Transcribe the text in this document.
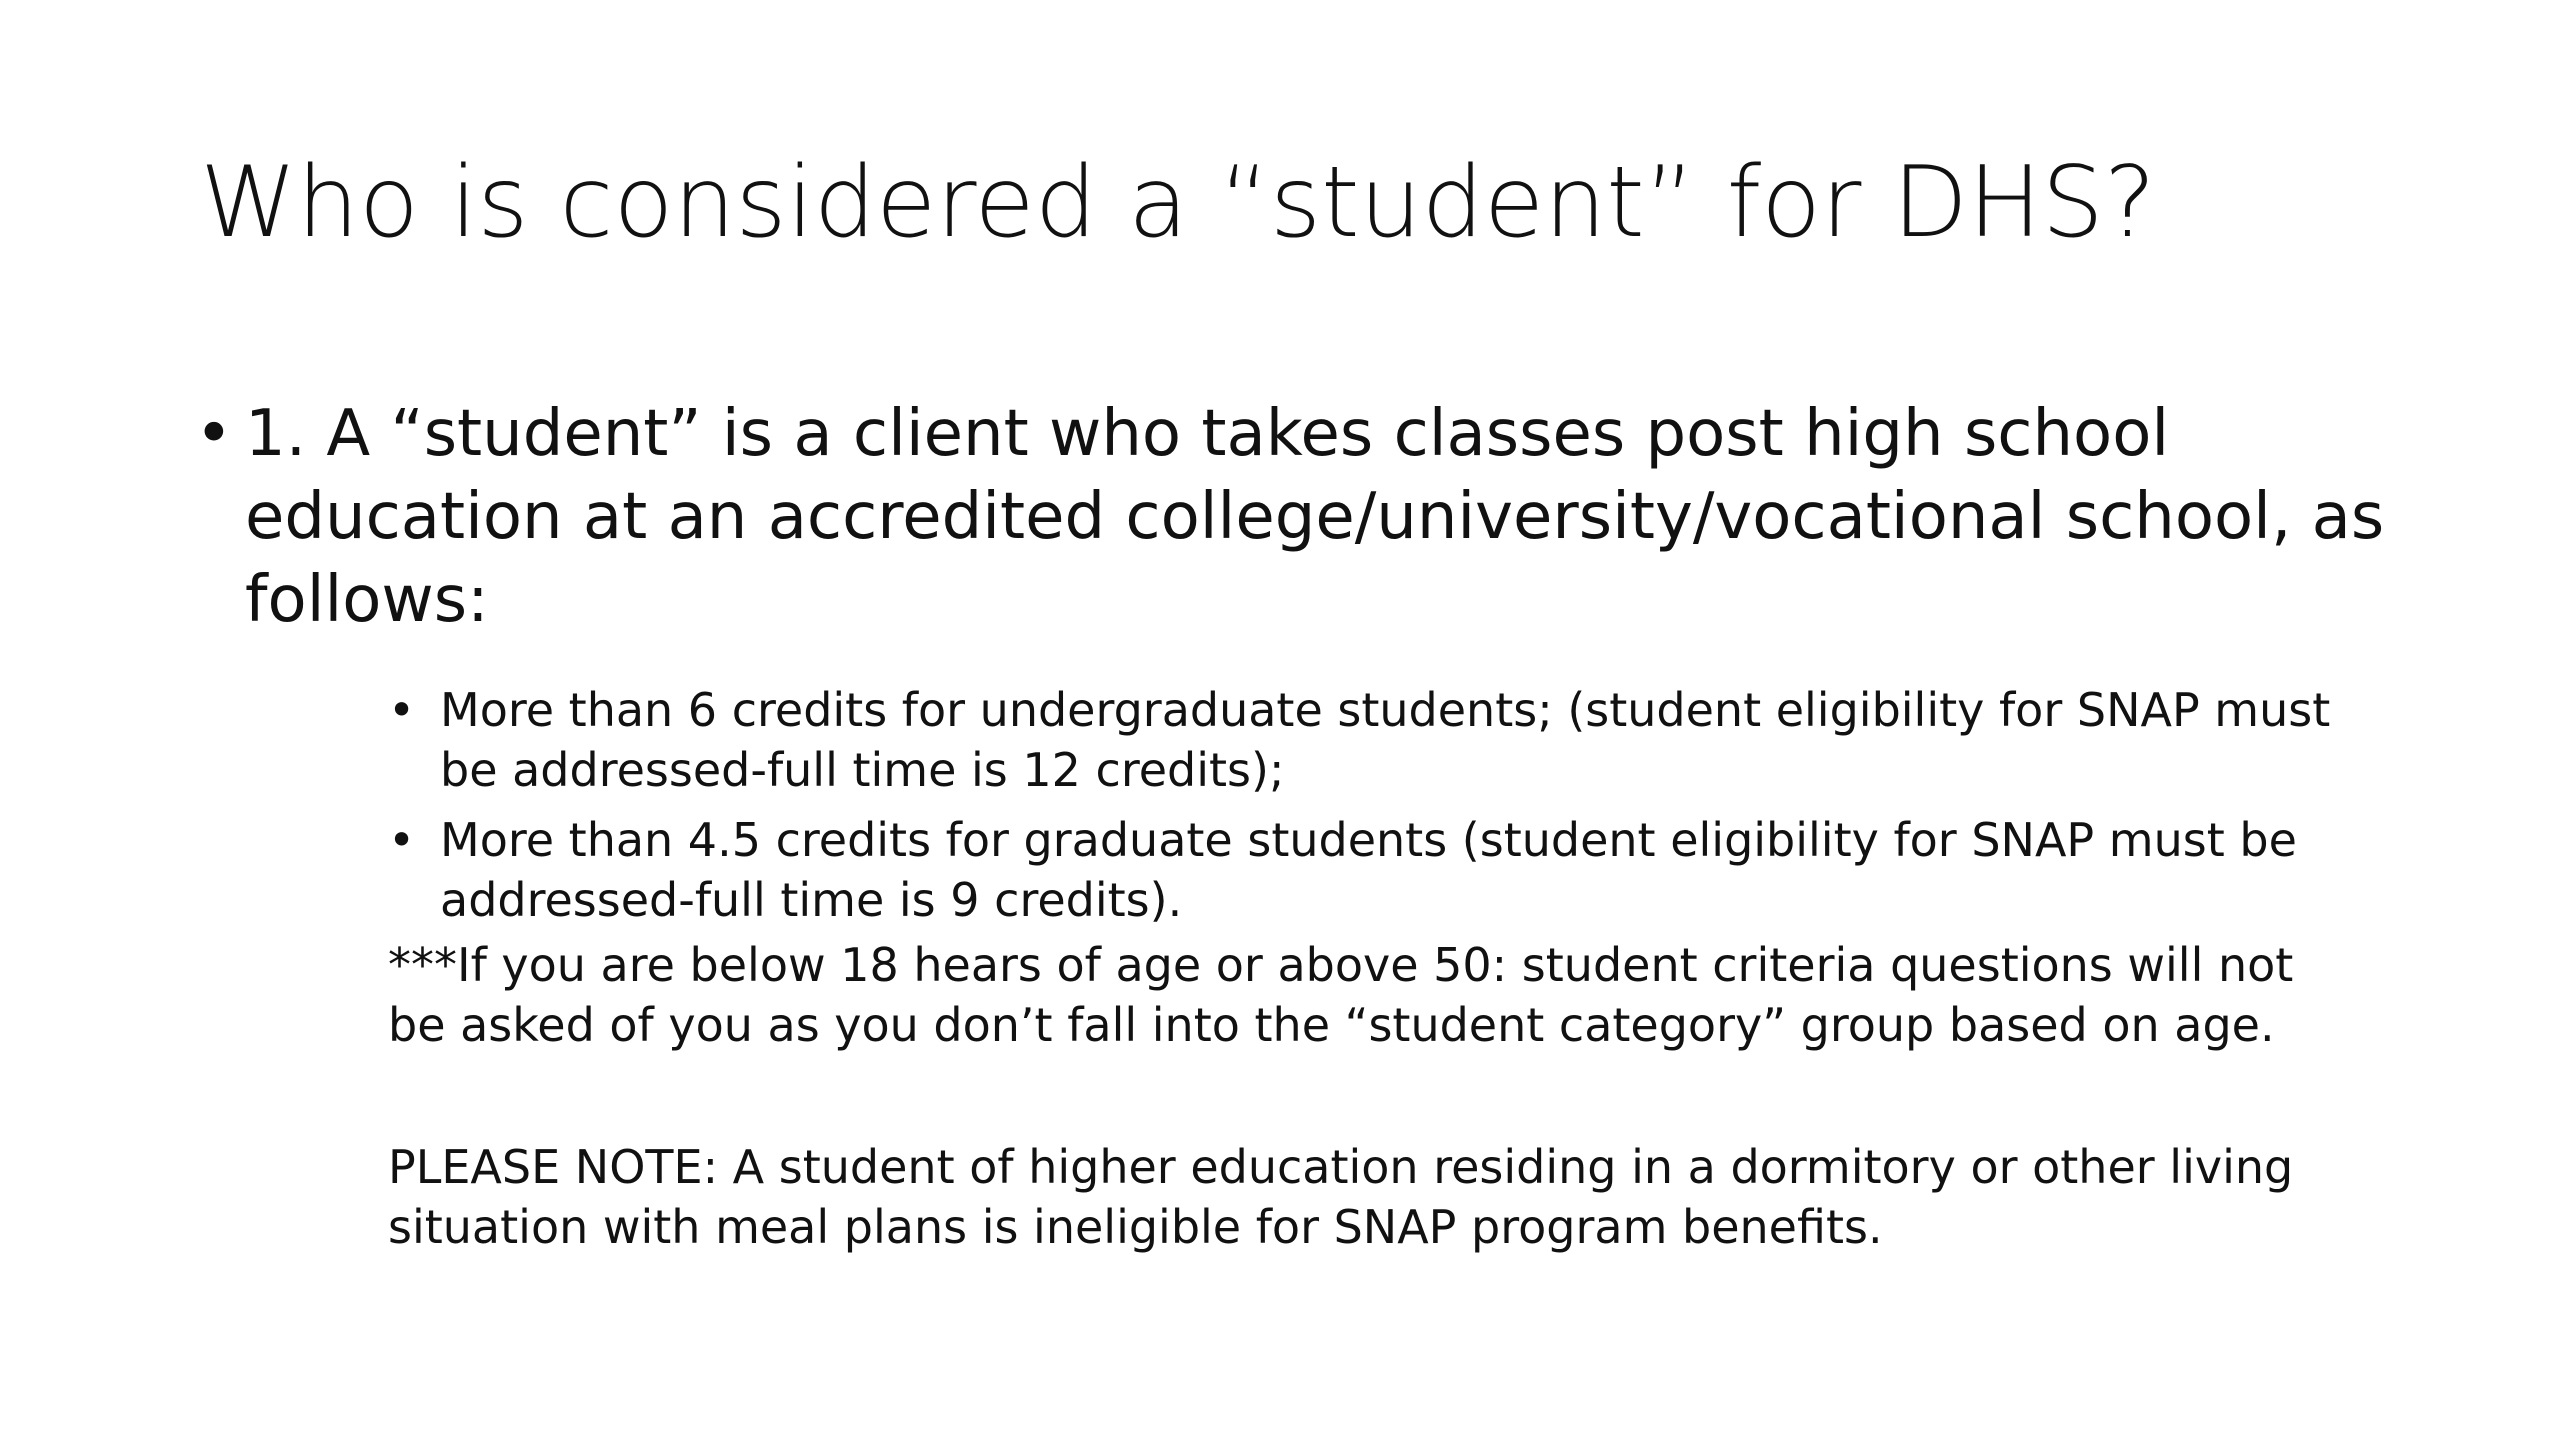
Who is considered a “student” for DHS?
• 1. A “student” is a client who takes classes post high school education at an accredited college/university/vocational school, as follows:
• More than 6 credits for undergraduate students; (student eligibility for SNAP must be addressed-full time is 12 credits);
• More than 4.5 credits for graduate students (student eligibility for SNAP must be addressed-full time is 9 credits).

***If you are below 18 hears of age or above 50: student criteria questions will not be asked of you as you don’t fall into the “student category” group based on age.

PLEASE NOTE: A student of higher education residing in a dormitory or other living situation with meal plans is ineligible for SNAP program benefits.
